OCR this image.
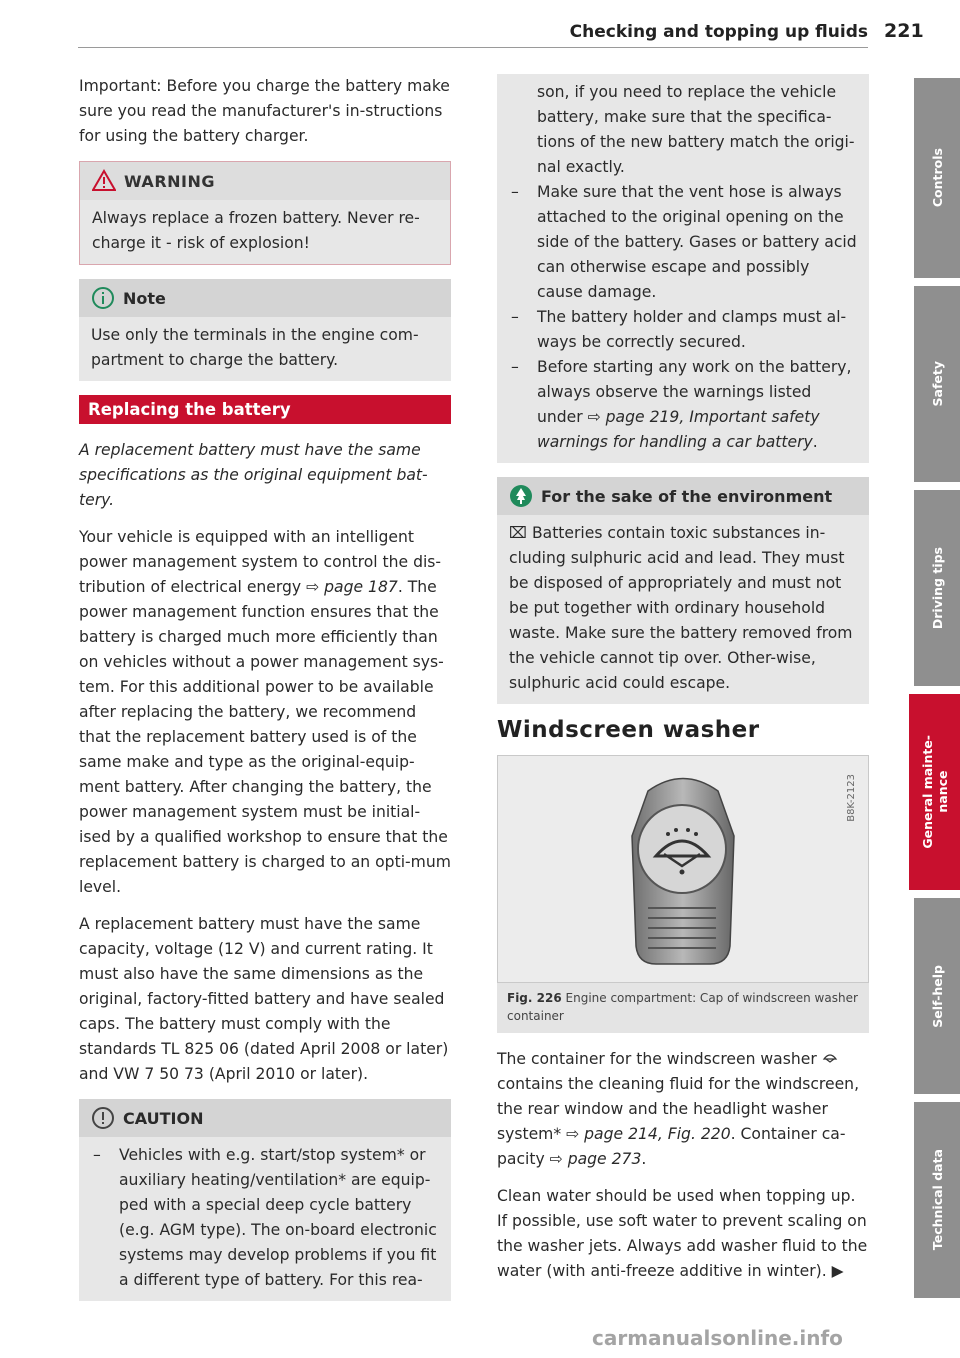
Checking and topping up fluids 221

Important: Before you charge the battery make sure you read the manufacturer's in-structions for using the battery charger.

WARNING
Always replace a frozen battery. Never re-charge it - risk of explosion!
Note
Use only the terminals in the engine com-partment to charge the battery.
Replacing the battery

A replacement battery must have the same specifications as the original equipment bat-tery.

Your vehicle is equipped with an intelligent power management system to control the dis-tribution of electrical energy ⇨ page 187. The power management function ensures that the battery is charged much more efficiently than on vehicles without a power management sys-tem. For this additional power to be available after replacing the battery, we recommend that the replacement battery used is of the same make and type as the original-equip-ment battery. After changing the battery, the power management system must be initial-ised by a qualified workshop to ensure that the replacement battery is charged to an opti-mum level.

A replacement battery must have the same capacity, voltage (12 V) and current rating. It must also have the same dimensions as the original, factory-fitted battery and have sealed caps. The battery must comply with the standards TL 825 06 (dated April 2008 or later) and VW 7 50 73 (April 2010 or later).

CAUTION
– Vehicles with e.g. start/stop system* or auxiliary heating/ventilation* are equip-ped with a special deep cycle battery (e.g. AGM type). The on-board electronic systems may develop problems if you fit a different type of battery. For this rea-
son, if you need to replace the vehicle battery, make sure that the specifica-tions of the new battery match the origi-nal exactly.
– Make sure that the vent hose is always attached to the original opening on the side of the battery. Gases or battery acid can otherwise escape and possibly cause damage.
– The battery holder and clamps must al-ways be correctly secured.
– Before starting any work on the battery, always observe the warnings listed under ⇨ page 219, Important safety warnings for handling a car battery.
For the sake of the environment
⌧ Batteries contain toxic substances in-cluding sulphuric acid and lead. They must be disposed of appropriately and must not be put together with ordinary household waste. Make sure the battery removed from the vehicle cannot tip over. Other-wise, sulphuric acid could escape.
Windscreen washer
B8K-2123
Fig. 226 Engine compartment: Cap of windscreen washer container

The container for the windscreen washer  contains the cleaning fluid for the windscreen, the rear window and the headlight washer system* ⇨ page 214, Fig. 220. Container ca-pacity ⇨ page 273.

Clean water should be used when topping up. If possible, use soft water to prevent scaling on the washer jets. Always add washer fluid to the water (with anti-freeze additive in winter). ▶

Controls
Safety
Driving tips
General mainte-
nance
Self-help
Technical data
carmanualsonline.info
